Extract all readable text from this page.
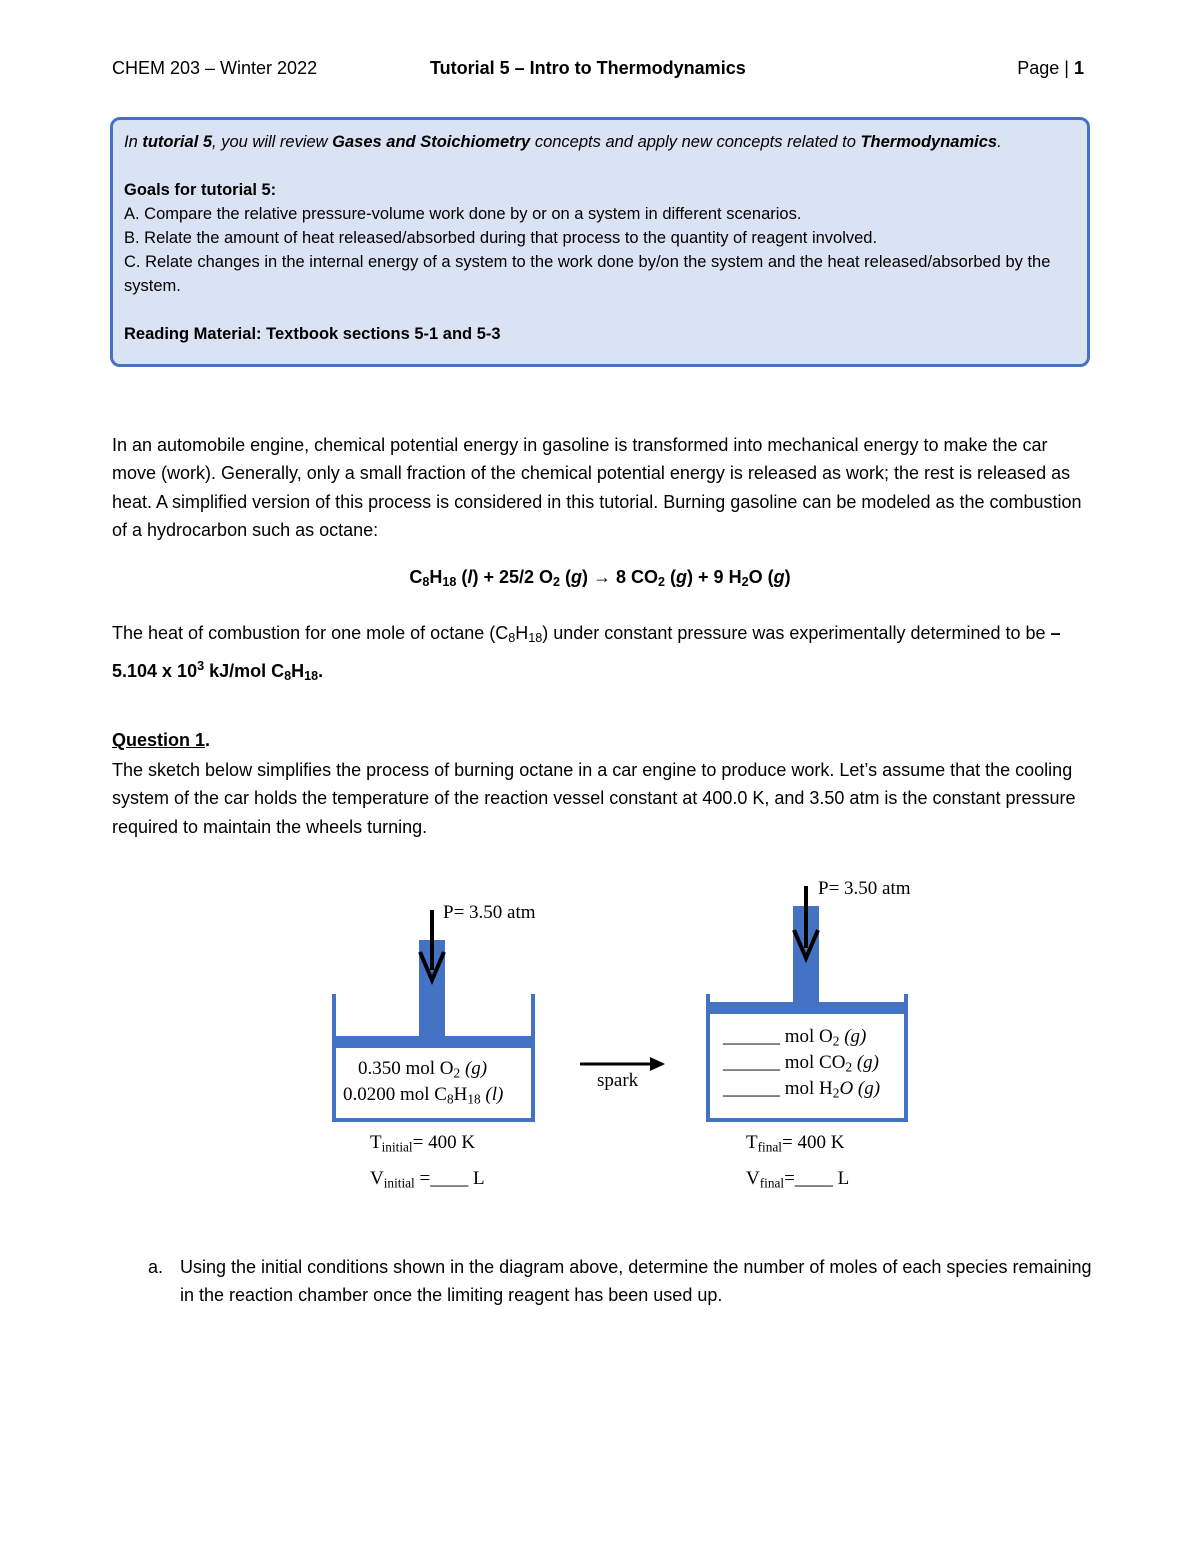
CHEM 203 – Winter 2022	Tutorial 5 – Intro to Thermodynamics	Page | 1

In tutorial 5, you will review Gases and Stoichiometry concepts and apply new concepts related to Thermodynamics.

Goals for tutorial 5:

A. Compare the relative pressure-volume work done by or on a system in different scenarios.

B. Relate the amount of heat released/absorbed during that process to the quantity of reagent involved.

C. Relate changes in the internal energy of a system to the work done by/on the system and the heat released/absorbed by the system.

Reading Material: Textbook sections 5-1 and 5-3

In an automobile engine, chemical potential energy in gasoline is transformed into mechanical energy to make the car move (work). Generally, only a small fraction of the chemical potential energy is released as work; the rest is released as heat. A simplified version of this process is considered in this tutorial. Burning gasoline can be modeled as the combustion of a hydrocarbon such as octane:
$C_8H_{18}$ (l) + 25/2 $O_2$ (g) → 8 $CO_2$ (g) + 9 $H_2O$ (g)
The heat of combustion for one mole of octane $(C_8H_{18})$ under constant pressure was experimentally determined to be – 5.104 x $10^3$ kJ/mol $C_8H_{18}$.
Question 1.
The sketch below simplifies the process of burning octane in a car engine to produce work. Let’s assume that the cooling system of the car holds the temperature of the reaction vessel constant at 400.0 K, and 3.50 atm is the constant pressure required to maintain the wheels turning.
P= 3.50 atm
P= 3.50 atm
0.350 mol $O_2$ (g)
0.0200 mol $C_8H_{18}$ (l)
spark
______ mol $O_2$ (g)
______ mol $CO_2$ (g)
______ mol $H_2O$ (g)
$T_{initial}= 400$ K
$V_{initial}$ =____ L
$T_{final}= 400$ K
$V_{final}=\_\_\_\_$ L
a. Using the initial conditions shown in the diagram above, determine the number of moles of each species remaining in the reaction chamber once the limiting reagent has been used up.
